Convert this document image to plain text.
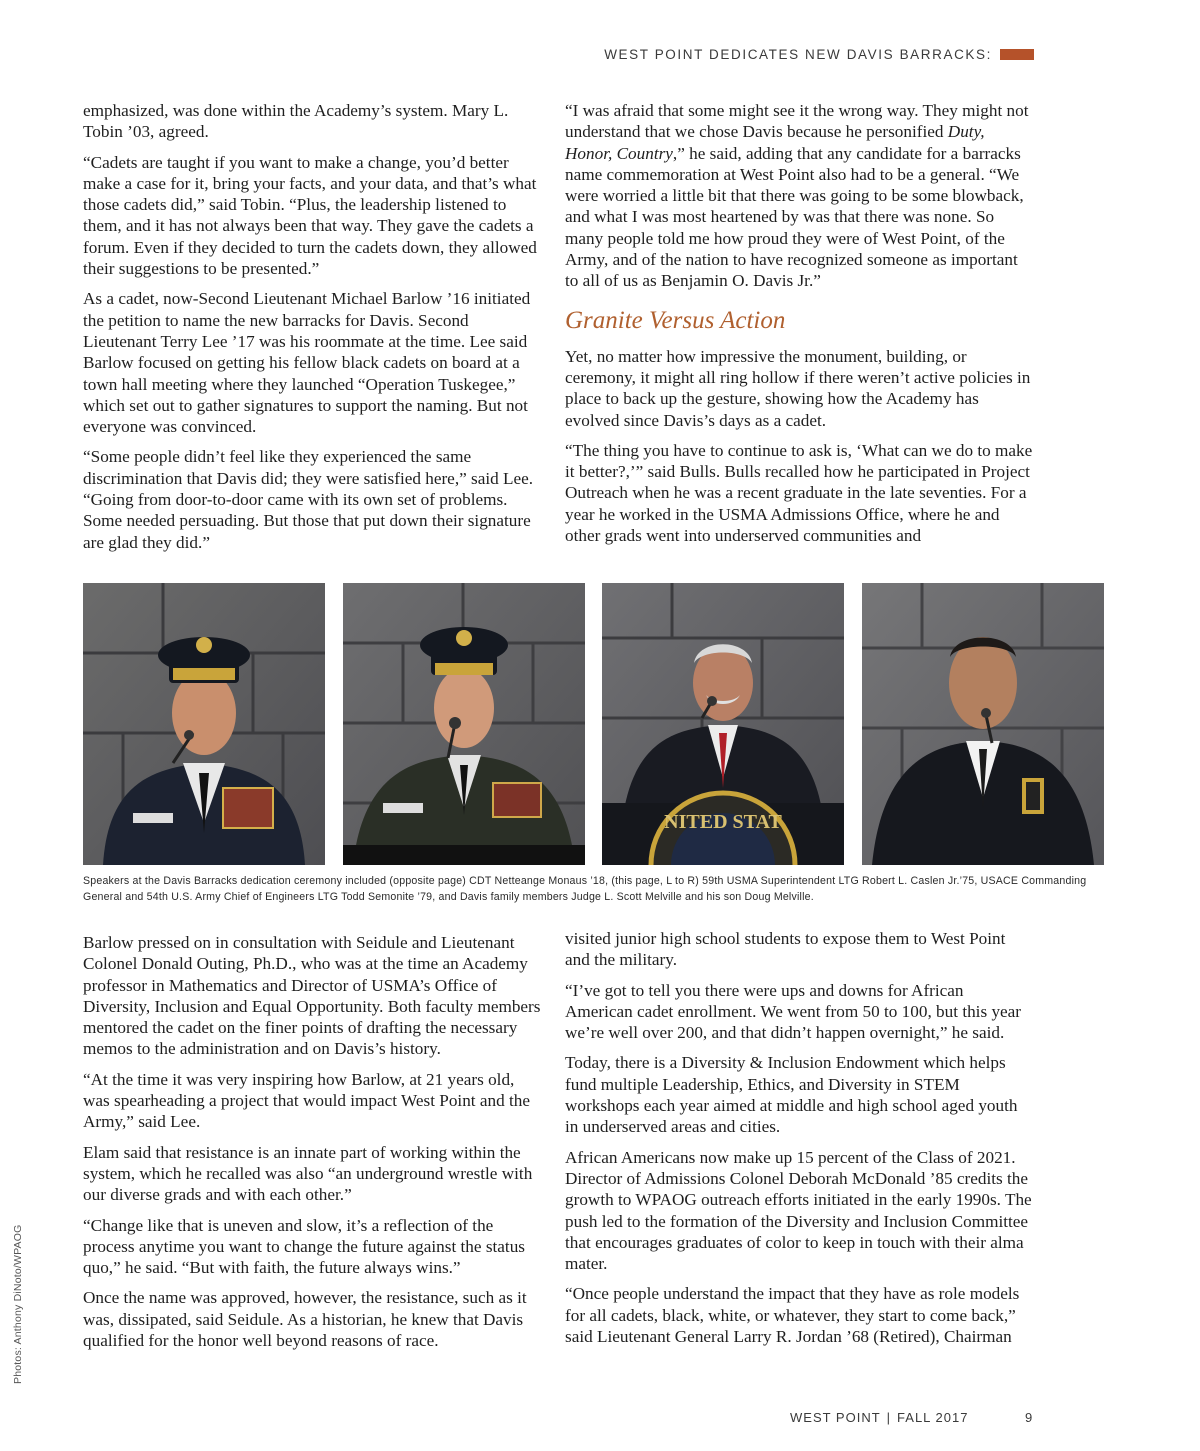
WEST POINT DEDICATES NEW DAVIS BARRACKS:

emphasized, was done within the Academy’s system. Mary L. Tobin ’03, agreed.

“Cadets are taught if you want to make a change, you’d better make a case for it, bring your facts, and your data, and that’s what those cadets did,” said Tobin. “Plus, the leadership listened to them, and it has not always been that way. They gave the cadets a forum. Even if they decided to turn the cadets down, they allowed their suggestions to be presented.”

As a cadet, now-Second Lieutenant Michael Barlow ’16 initiated the petition to name the new barracks for Davis. Second Lieutenant Terry Lee ’17 was his roommate at the time. Lee said Barlow focused on getting his fellow black cadets on board at a town hall meeting where they launched “Operation Tuskegee,” which set out to gather signatures to support the naming. But not everyone was convinced.

“Some people didn’t feel like they experienced the same discrimination that Davis did; they were satisfied here,” said Lee. “Going from door-to-door came with its own set of problems. Some needed persuading. But those that put down their signature are glad they did.”

“I was afraid that some might see it the wrong way. They might not understand that we chose Davis because he personified Duty, Honor, Country,” he said, adding that any candidate for a barracks name commemoration at West Point also had to be a general. “We were worried a little bit that there was going to be some blowback, and what I was most heartened by was that there was none. So many people told me how proud they were of West Point, of the Army, and of the nation to have recognized someone as important to all of us as Benjamin O. Davis Jr.”

Granite Versus Action

Yet, no matter how impressive the monument, building, or ceremony, it might all ring hollow if there weren’t active policies in place to back up the gesture, showing how the Academy has evolved since Davis’s days as a cadet.

“The thing you have to continue to ask is, ‘What can we do to make it better?,’” said Bulls. Bulls recalled how he participated in Project Outreach when he was a recent graduate in the late seventies. For a year he worked in the USMA Admissions Office, where he and other grads went into underserved communities and

NITED STAT
Speakers at the Davis Barracks dedication ceremony included (opposite page) CDT Netteange Monaus ’18, (this page, L to R) 59th USMA Superintendent LTG Robert L. Caslen Jr.’75, USACE Commanding General and 54th U.S. Army Chief of Engineers LTG Todd Semonite ’79, and Davis family members Judge L. Scott Melville and his son Doug Melville.

Barlow pressed on in consultation with Seidule and Lieutenant Colonel Donald Outing, Ph.D., who was at the time an Academy professor in Mathematics and Director of USMA’s Office of Diversity, Inclusion and Equal Opportunity. Both faculty members mentored the cadet on the finer points of drafting the necessary memos to the administration and on Davis’s history.

“At the time it was very inspiring how Barlow, at 21 years old, was spearheading a project that would impact West Point and the Army,” said Lee.

Elam said that resistance is an innate part of working within the system, which he recalled was also “an underground wrestle with our diverse grads and with each other.”

“Change like that is uneven and slow, it’s a reflection of the process anytime you want to change the future against the status quo,” he said. “But with faith, the future always wins.”

Once the name was approved, however, the resistance, such as it was, dissipated, said Seidule. As a historian, he knew that Davis qualified for the honor well beyond reasons of race.

visited junior high school students to expose them to West Point and the military.

“I’ve got to tell you there were ups and downs for African American cadet enrollment. We went from 50 to 100, but this year we’re well over 200, and that didn’t happen overnight,” he said.

Today, there is a Diversity & Inclusion Endowment which helps fund multiple Leadership, Ethics, and Diversity in STEM workshops each year aimed at middle and high school aged youth in underserved areas and cities.

African Americans now make up 15 percent of the Class of 2021. Director of Admissions Colonel Deborah McDonald ’85 credits the growth to WPAOG outreach efforts initiated in the early 1990s. The push led to the formation of the Diversity and Inclusion Committee that encourages graduates of color to keep in touch with their alma mater.

“Once people understand the impact that they have as role models for all cadets, black, white, or whatever, they start to come back,” said Lieutenant General Larry R. Jordan ’68 (Retired), Chairman

Photos: Anthony DiNoto/WPAOG
WEST POINT | FALL 2017	9
